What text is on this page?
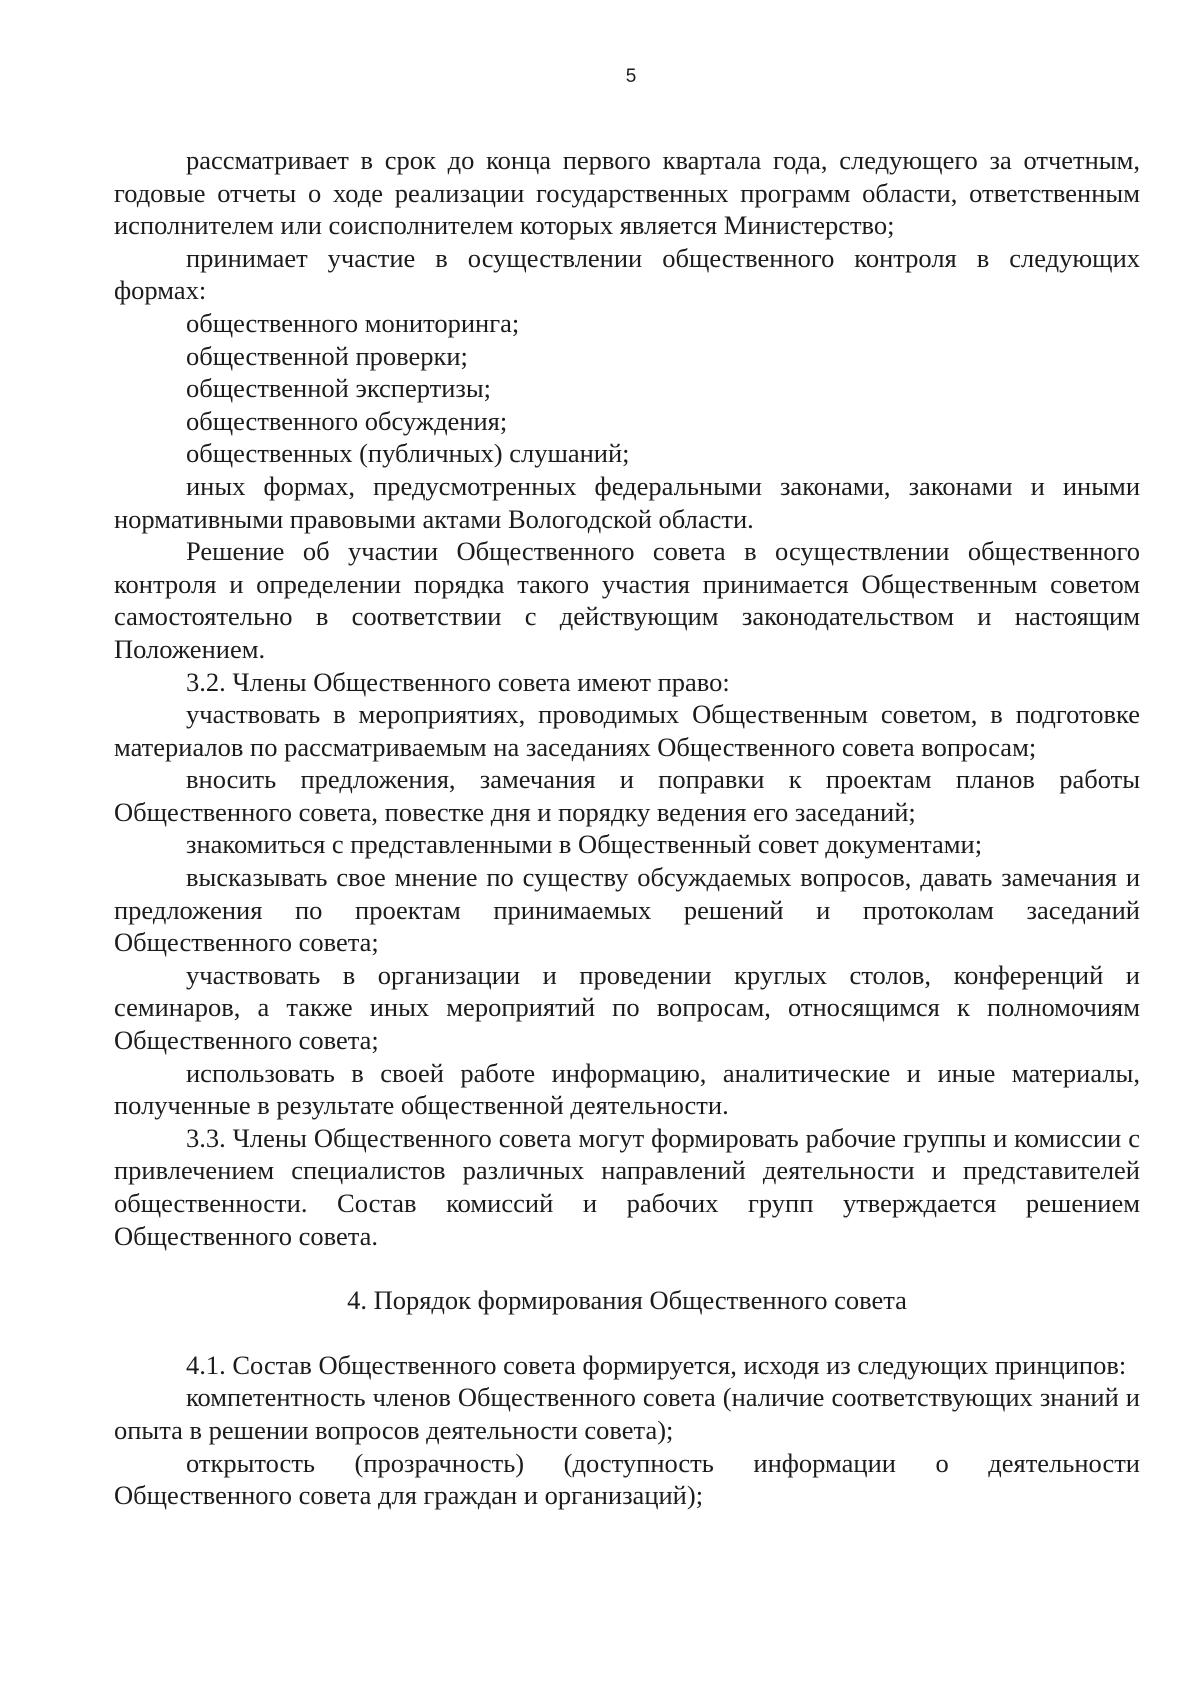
5

рассматривает в срок до конца первого квартала года, следующего за отчетным, годовые отчеты о ходе реализации государственных программ области, ответственным исполнителем или соисполнителем которых является Министерство;

принимает участие в осуществлении общественного контроля в следующих формах:

общественного мониторинга;

общественной проверки;

общественной экспертизы;

общественного обсуждения;

общественных (публичных) слушаний;

иных формах, предусмотренных федеральными законами, законами и иными нормативными правовыми актами Вологодской области.

Решение об участии Общественного совета в осуществлении общественного контроля и определении порядка такого участия принимается Общественным советом самостоятельно в соответствии с действующим законодательством и настоящим Положением.

3.2. Члены Общественного совета имеют право:

участвовать в мероприятиях, проводимых Общественным советом, в подготовке материалов по рассматриваемым на заседаниях Общественного совета вопросам;

вносить предложения, замечания и поправки к проектам планов работы Общественного совета, повестке дня и порядку ведения его заседаний;

знакомиться с представленными в Общественный совет документами;

высказывать свое мнение по существу обсуждаемых вопросов, давать замечания и предложения по проектам принимаемых решений и протоколам заседаний Общественного совета;

участвовать в организации и проведении круглых столов, конференций и семинаров, а также иных мероприятий по вопросам, относящимся к полномочиям Общественного совета;

использовать в своей работе информацию, аналитические и иные материалы, полученные в результате общественной деятельности.

3.3. Члены Общественного совета могут формировать рабочие группы и комиссии с привлечением специалистов различных направлений деятельности и представителей общественности. Состав комиссий и рабочих групп утверждается решением Общественного совета.

4. Порядок формирования Общественного совета

4.1. Состав Общественного совета формируется, исходя из следующих принципов:

компетентность членов Общественного совета (наличие соответствующих знаний и опыта в решении вопросов деятельности совета);

открытость (прозрачность) (доступность информации о деятельности Общественного совета для граждан и организаций);
